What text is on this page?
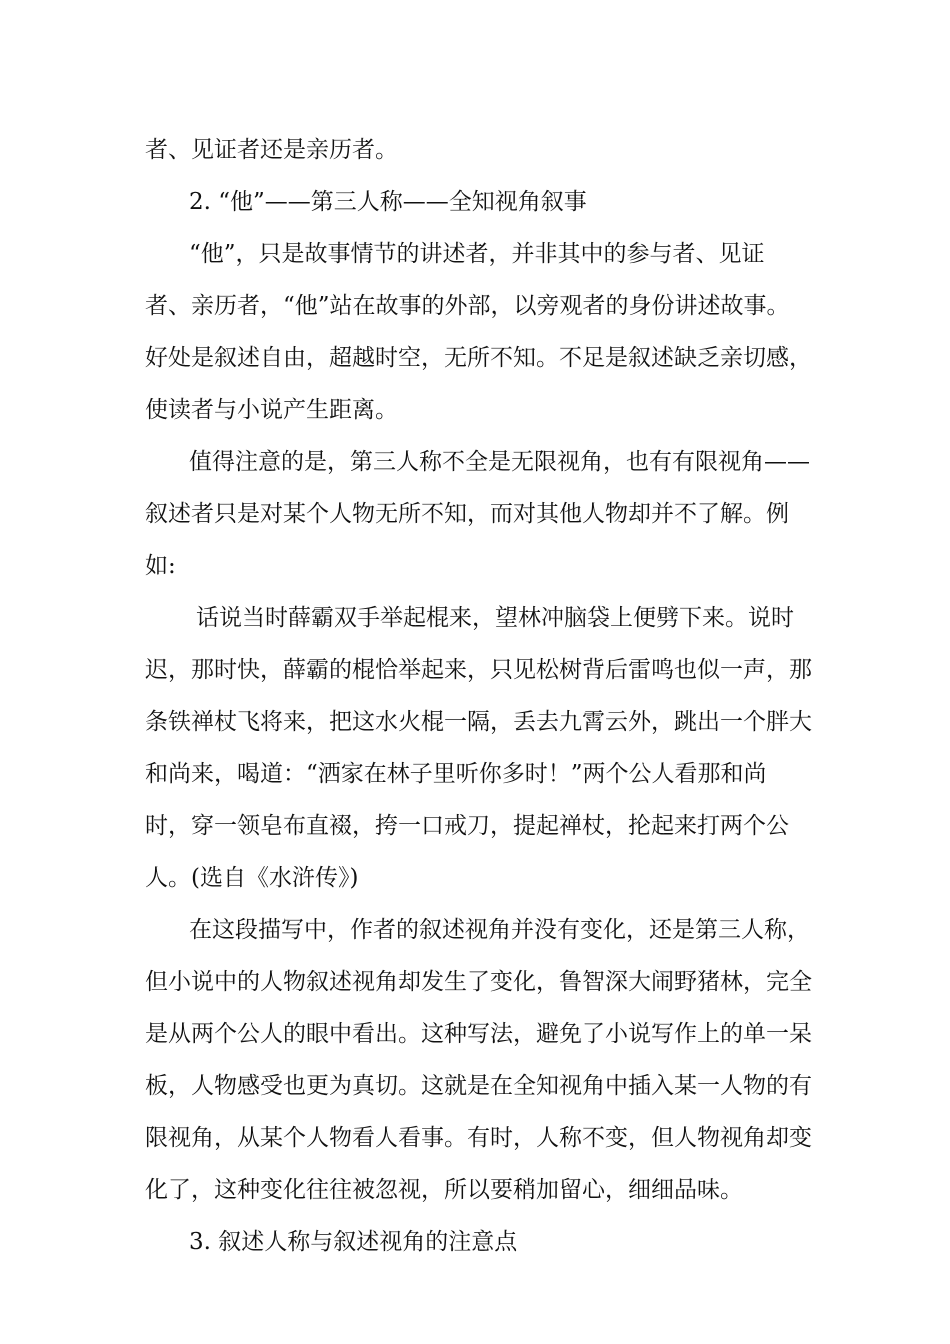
者、见证者还是亲历者。
2. “他”——第三人称——全知视角叙事
“他”，只是故事情节的讲述者，并非其中的参与者、见证
者、亲历者，“他”站在故事的外部，以旁观者的身份讲述故事。
好处是叙述自由，超越时空，无所不知。不足是叙述缺乏亲切感，
使读者与小说产生距离。
值得注意的是，第三人称不全是无限视角，也有有限视角——
叙述者只是对某个人物无所不知，而对其他人物却并不了解。例
如:
话说当时薛霸双手举起棍来，望林冲脑袋上便劈下来。说时
迟，那时快，薛霸的棍恰举起来，只见松树背后雷鸣也似一声，那
条铁禅杖飞将来，把这水火棍一隔，丢去九霄云外，跳出一个胖大
和尚来，喝道：“洒家在林子里听你多时！”两个公人看那和尚
时，穿一领皂布直裰，挎一口戒刀，提起禅杖，抡起来打两个公
人。(选自《水浒传》)
在这段描写中，作者的叙述视角并没有变化，还是第三人称，
但小说中的人物叙述视角却发生了变化，鲁智深大闹野猪林，完全
是从两个公人的眼中看出。这种写法，避免了小说写作上的单一呆
板，人物感受也更为真切。这就是在全知视角中插入某一人物的有
限视角，从某个人物看人看事。有时，人称不变，但人物视角却变
化了，这种变化往往被忽视，所以要稍加留心，细细品味。
3. 叙述人称与叙述视角的注意点
